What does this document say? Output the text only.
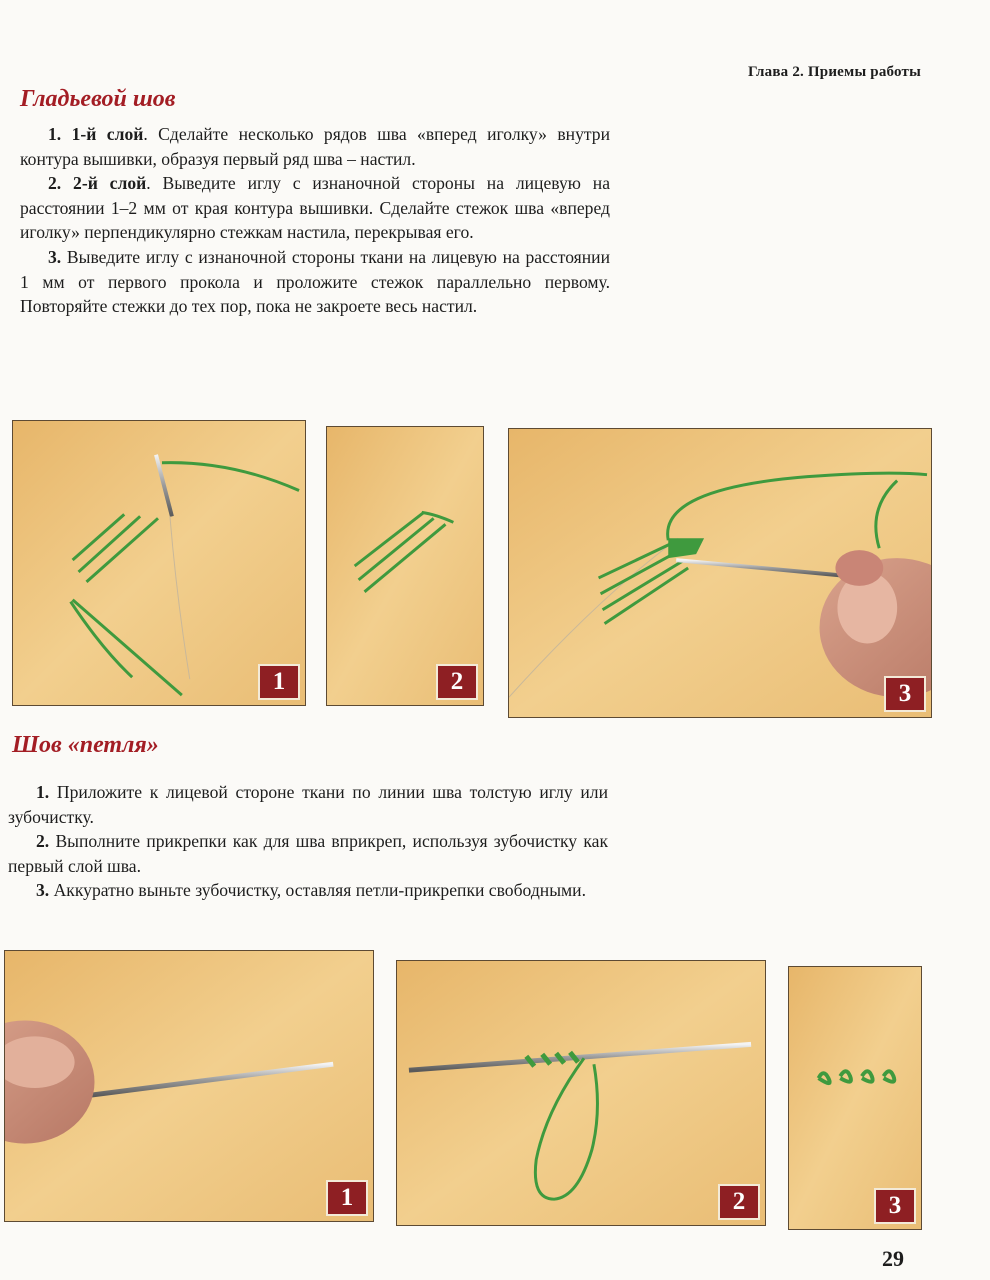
Глава 2. Приемы работы
Гладьевой шов

1. 1-й слой. Сделайте несколько рядов шва «вперед иголку» внутри контура вышивки, образуя первый ряд шва – настил.

2. 2-й слой. Выведите иглу с изнаночной стороны на лицевую на расстоянии 1–2 мм от края контура вышивки. Сделайте стежок шва «вперед иголку» перпендикулярно стежкам настила, перекрывая его.

3. Выведите иглу с изнаночной стороны ткани на лицевую на расстоянии 1 мм от первого прокола и проложите стежок параллельно первому. Повторяйте стежки до тех пор, пока не закроете весь настил.

1	2	3
Шов «петля»

1. Приложите к лицевой стороне ткани по линии шва толстую иглу или зубочистку.

2. Выполните прикрепки как для шва вприкреп, используя зубочистку как первый слой шва.

3. Аккуратно выньте зубочистку, оставляя петли-прикрепки свободными.

1	2	3
29
